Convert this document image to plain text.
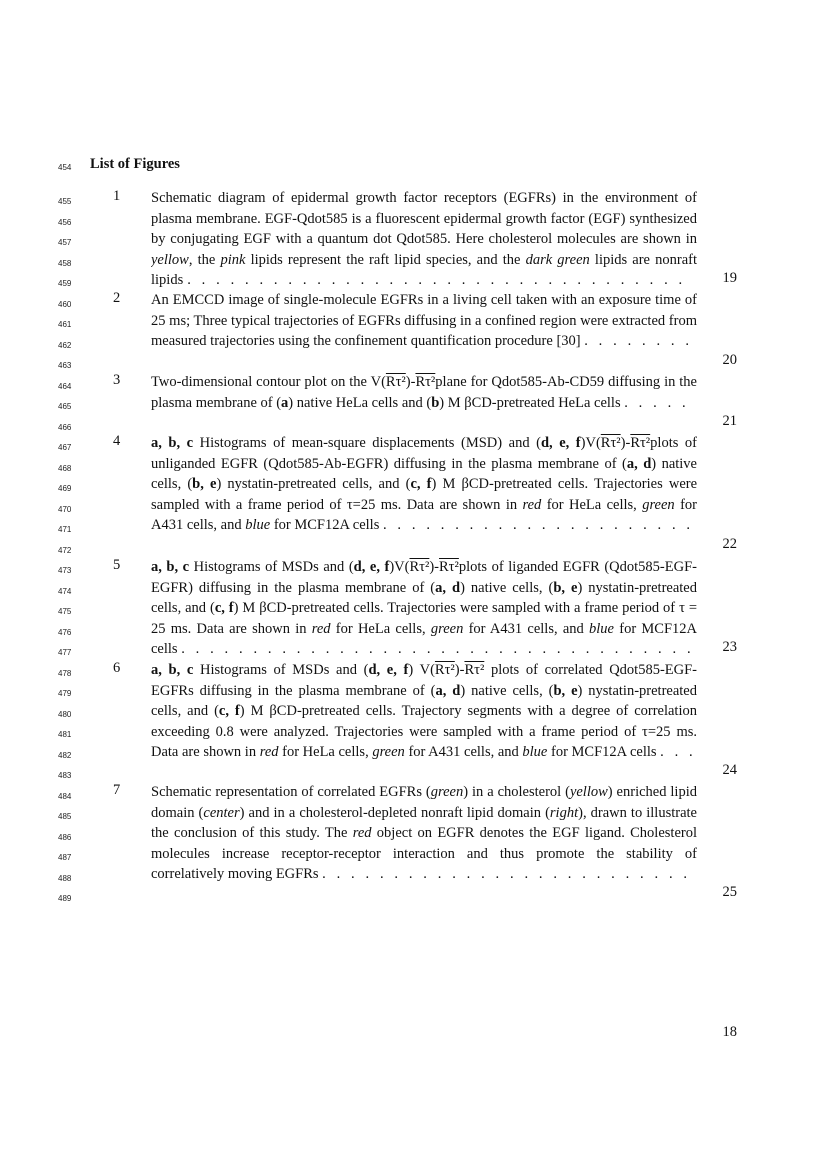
454
455
456
457
458
459
460
461
462
463
464
465
466
467
468
469
470
471
472
473
474
475
476
477
478
479
480
481
482
483
484
485
486
487
488
489
List of Figures
1 Schematic diagram of epidermal growth factor receptors (EGFRs) in the environment of plasma membrane. EGF-Qdot585 is a fluorescent epidermal growth factor (EGF) synthesized by conjugating EGF with a quantum dot Qdot585. Here cholesterol molecules are shown in yellow, the pink lipids represent the raft lipid species, and the dark green lipids are nonraft lipids . . . . . . . . . . . . . . . . . . . . . . . . . . . . . . . . . . .	19
2 An EMCCD image of single-molecule EGFRs in a living cell taken with an exposure time of 25 ms; Three typical trajectories of EGFRs diffusing in a confined region were extracted from measured trajectories using the confinement quantification procedure [30] . . . . . . . .
20
3 Two-dimensional contour plot on the V(Rτ²)-Rτ²plane for Qdot585-Ab-CD59 diffusing in the plasma membrane of (a) native HeLa cells and (b) M βCD-pretreated HeLa cells . . . . .
21
4 a, b, c Histograms of mean-square displacements (MSD) and (d, e, f)V(Rτ²)-Rτ²plots of unliganded EGFR (Qdot585-Ab-EGFR) diffusing in the plasma membrane of (a, d) native cells, (b, e) nystatin-pretreated cells, and (c, f) M βCD-pretreated cells. Trajectories were sampled with a frame period of τ=25 ms. Data are shown in red for HeLa cells, green for A431 cells, and blue for MCF12A cells . . . . . . . . . . . . . . . . . . . . . .
22
5 a, b, c Histograms of MSDs and (d, e, f)V(Rτ²)-Rτ²plots of liganded EGFR (Qdot585-EGF-EGFR) diffusing in the plasma membrane of (a, d) native cells, (b, e) nystatin-pretreated cells, and (c, f) M βCD-pretreated cells. Trajectories were sampled with a frame period of τ = 25 ms. Data are shown in red for HeLa cells, green for A431 cells, and blue for MCF12A cells . . . . . . . . . . . . . . . . . . . . . . . . . . . . . . . . . . . .	23
6 a, b, c Histograms of MSDs and (d, e, f) V(Rτ²)-Rτ² plots of correlated Qdot585-EGF-EGFRs diffusing in the plasma membrane of (a, d) native cells, (b, e) nystatin-pretreated cells, and (c, f) M βCD-pretreated cells. Trajectory segments with a degree of correlation exceeding 0.8 were analyzed. Trajectories were sampled with a frame period of τ=25 ms. Data are shown in red for HeLa cells, green for A431 cells, and blue for MCF12A cells . . .
24
7 Schematic representation of correlated EGFRs (green) in a cholesterol (yellow) enriched lipid domain (center) and in a cholesterol-depleted nonraft lipid domain (right), drawn to illustrate the conclusion of this study. The red object on EGFR denotes the EGF ligand. Cholesterol molecules increase receptor-receptor interaction and thus promote the stability of correlatively moving EGFRs . . . . . . . . . . . . . . . . . . . . . . . . . .
25
18
